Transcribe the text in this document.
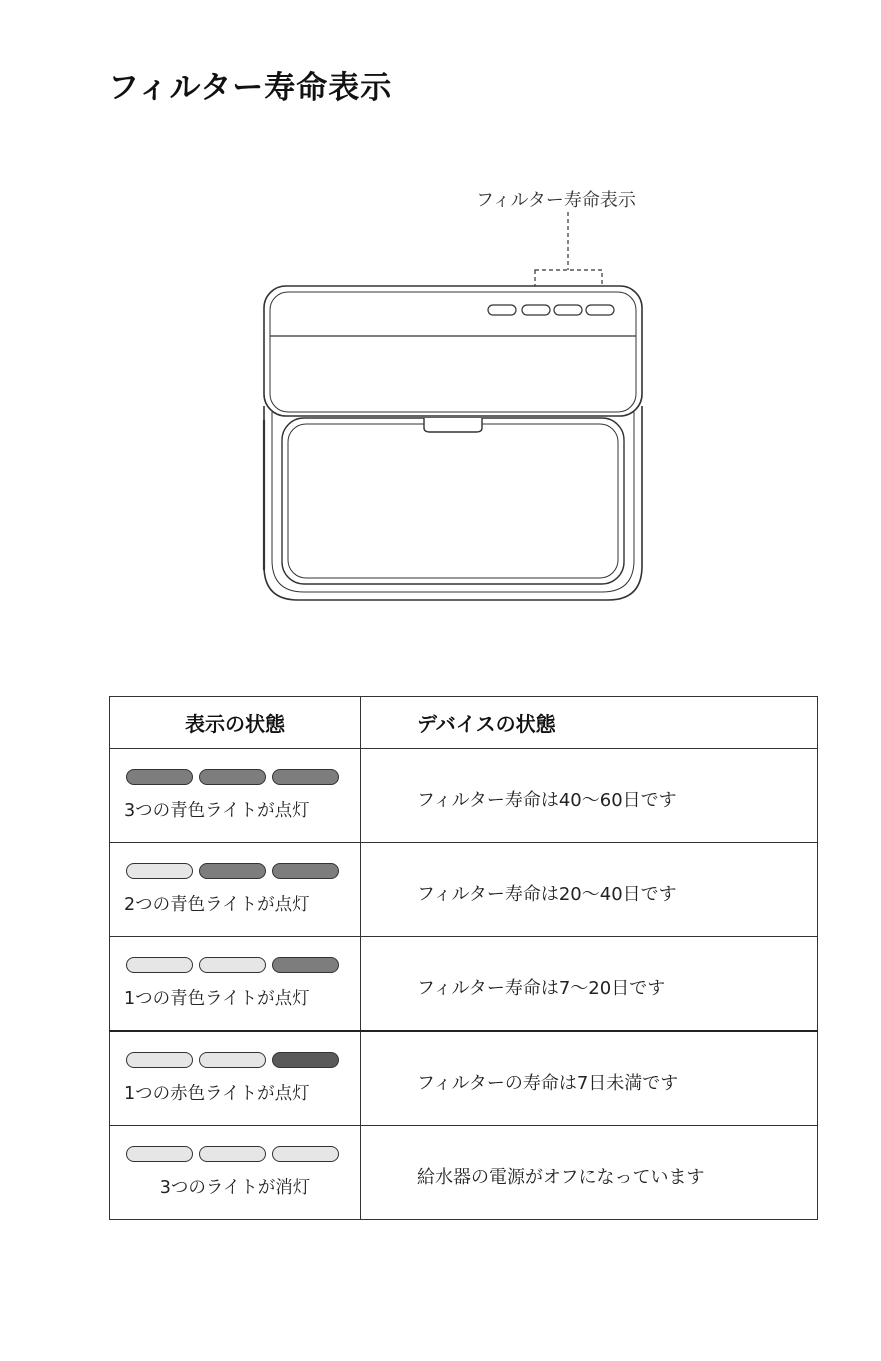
フィルター寿命表示
フィルター寿命表示
表示の状態	デバイスの状態

3つの青色ライトが点灯	フィルター寿命は40～60日です

2つの青色ライトが点灯	フィルター寿命は20～40日です

1つの青色ライトが点灯	フィルター寿命は7～20日です

1つの赤色ライトが点灯	フィルターの寿命は7日未満です

3つのライトが消灯	給水器の電源がオフになっています
